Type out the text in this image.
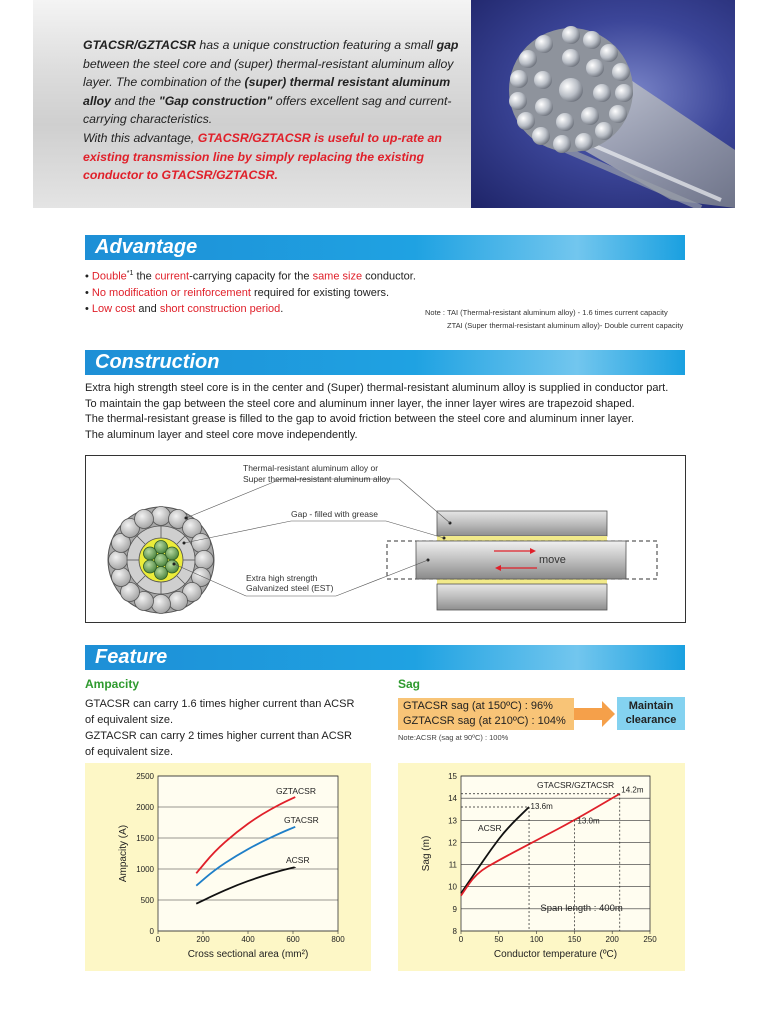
GTACSR/GZTACSR has a unique construction featuring a small gap between the steel core and (super) thermal-resistant aluminum alloy layer. The combination of the (super) thermal resistant aluminum alloy and the "Gap construction" offers excellent sag and current-carrying characteristics.

With this advantage, GTACSR/GZTACSR is useful to up-rate an existing transmission line by simply replacing the existing conductor to GTACSR/GZTACSR.

Advantage
• Double$^{*1}$ the current-carrying capacity for the same size conductor.
• No modification or reinforcement required for existing towers.
• Low cost and short construction period.	Note : TAI (Thermal-resistant aluminum alloy) - 1.6 times current capacity
ZTAI (Super thermal-resistant aluminum alloy)- Double current capacity
Construction
Extra high strength steel core is in the center and (Super) thermal-resistant aluminum alloy is supplied in conductor part.
To maintain the gap between the steel core and aluminum inner layer, the inner layer wires are trapezoid shaped.
The thermal-resistant grease is filled to the gap to avoid friction between the steel core and aluminum inner layer.
The aluminum layer and steel core move independently.
Thermal-resistant aluminum alloy or
Super thermal-resistant aluminum alloy
Gap - filled with grease
Extra high strength
Galvanized steel (EST)
move
Feature
Ampacity
GTACSR can carry 1.6 times higher current than ACSR
of equivalent size.
GZTACSR can carry 2 times higher current than ACSR
of equivalent size.
Sag
GTACSR sag (at 150ºC) : 96%
GZTACSR sag (at 210ºC) : 104%
Maintain
clearance
Note:ACSR (sag at 90ºC) : 100%
0
500
1000
1500
2000
2500
0	200	400	600	800
Cross sectional area (mm²)
Ampacity (A)
GZTACSR
GTACSR
ACSR
8
9
10
11
12
13
14
15
0	50	100	150	200	250
Conductor temperature (ºC)
Sag (m)
ACSR
GTACSR/GZTACSR
13.6m
13.0m
14.2m
Span length : 400m
